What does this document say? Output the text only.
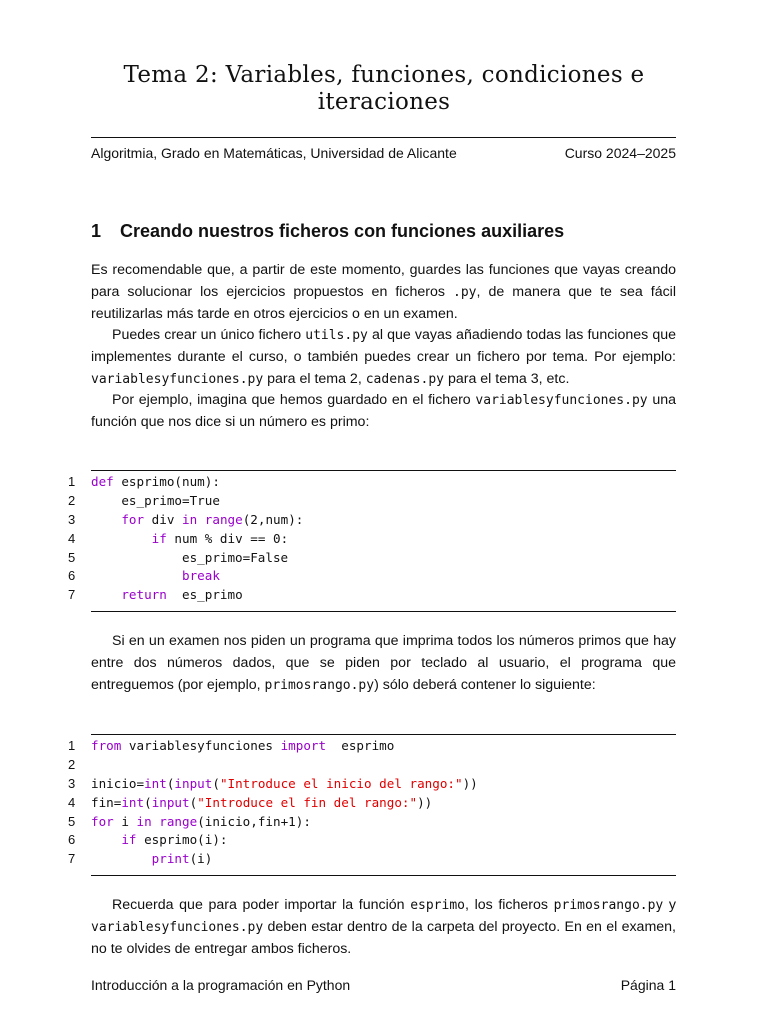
Tema 2: Variables, funciones, condiciones e
iteraciones
Algoritmia, Grado en Matemáticas, Universidad de Alicante	Curso 2024–2025
1 Creando nuestros ficheros con funciones auxiliares

Es recomendable que, a partir de este momento, guardes las funciones que vayas creando para solucionar los ejercicios propuestos en ficheros .py, de manera que te sea fácil reutilizarlas más tarde en otros ejercicios o en un examen.

Puedes crear un único fichero utils.py al que vayas añadiendo todas las funciones que implementes durante el curso, o también puedes crear un fichero por tema. Por ejemplo: variablesyfunciones.py para el tema 2, cadenas.py para el tema 3, etc.

Por ejemplo, imagina que hemos guardado en el fichero variablesyfunciones.py una función que nos dice si un número es primo:

1	def esprimo(num):
2	es_primo=True
3	for div in range(2,num):
4	if num % div == 0:
5	es_primo=False
6	break
7	return  es_primo

Si en un examen nos piden un programa que imprima todos los números primos que hay entre dos números dados, que se piden por teclado al usuario, el programa que entreguemos (por ejemplo, primosrango.py) sólo deberá contener lo siguiente:

1	from variablesyfunciones import  esprimo
2
3	inicio=int(input("Introduce el inicio del rango:"))
4	fin=int(input("Introduce el fin del rango:"))
5	for i in range(inicio,fin+1):
6	if esprimo(i):
7	print(i)

Recuerda que para poder importar la función esprimo, los ficheros primosrango.py y variablesyfunciones.py deben estar dentro de la carpeta del proyecto. En en el examen, no te olvides de entregar ambos ficheros.

Introducción a la programación en Python	Página 1
